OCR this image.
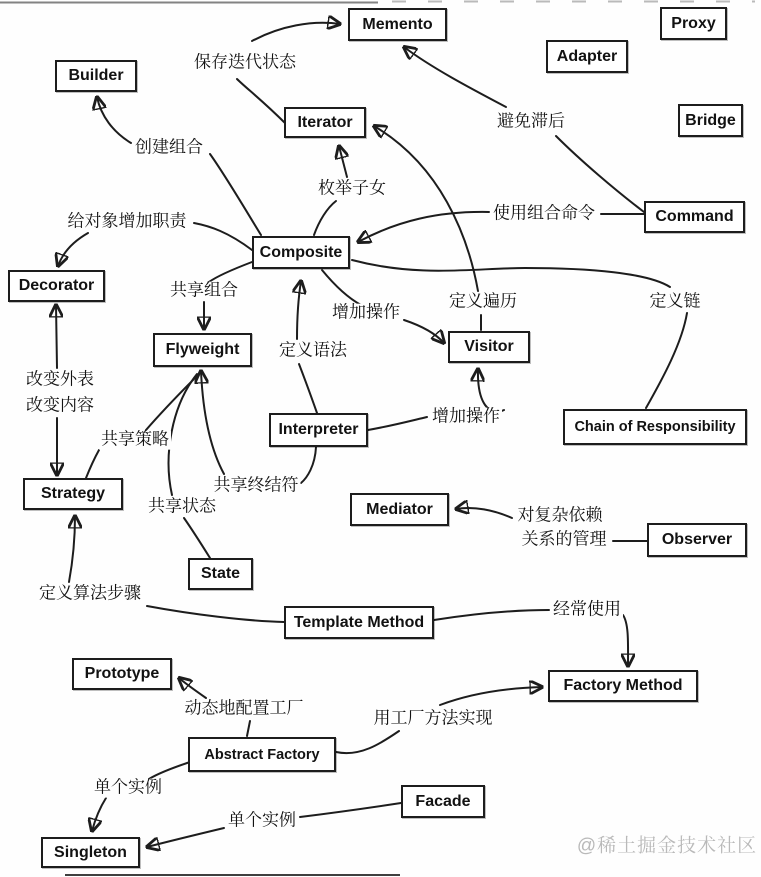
Memento	Proxy
Adapter
Builder
Bridge
Iterator
Command
Composite
Decorator
Flyweight	Visitor
Chain of Responsibility
Interpreter
Mediator
Observer
Strategy
State
Template Method
Prototype
Factory Method
Abstract Factory
Facade
Singleton
保存迭代状态
避免滞后
创建组合
枚举子女
使用组合命令
给对象增加职责
共享组合
定义遍历
增加操作
定义链
定义语法
改变外表
改变内容
增加操作
共享策略
共享终结符
共享状态	对复杂依赖
关系的管理
定义算法步骤
经常使用
动态地配置工厂
用工厂方法实现
单个实例
单个实例
@稀土掘金技术社区
